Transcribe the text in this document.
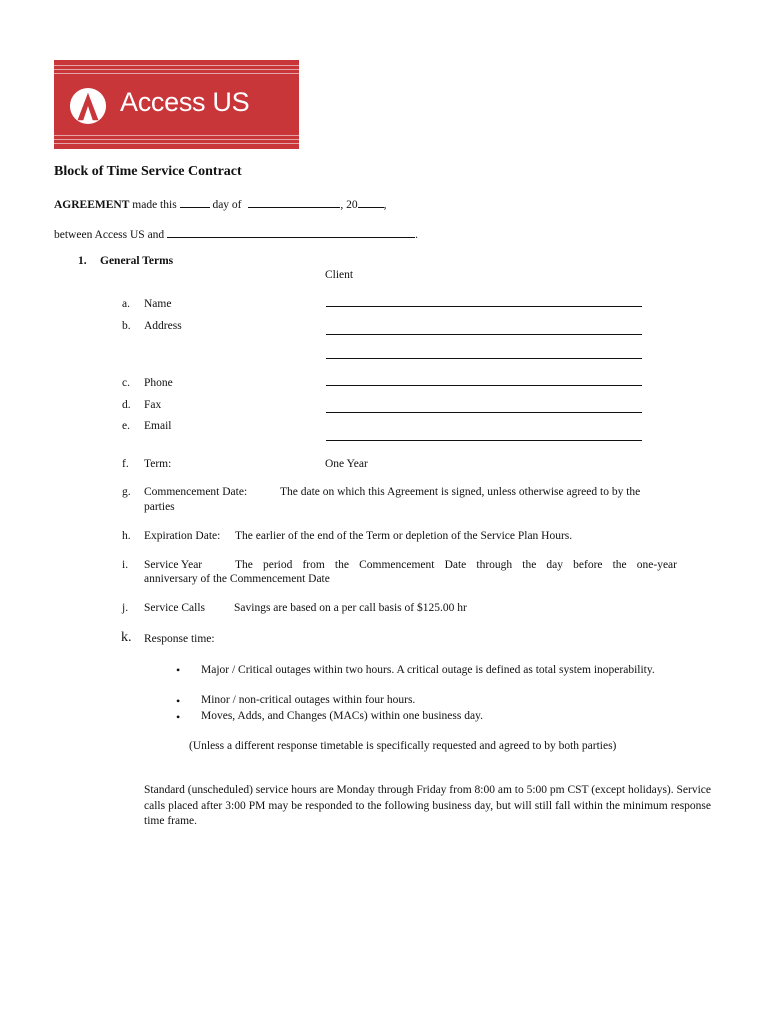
Access US
Block of Time Service Contract
AGREEMENT made this	day of	, 20 ,
between Access US and	.
1. General Terms
Client
a. Name
b. Address
c. Phone
d. Fax
e. Email
f. Term:	One Year
g. Commencement Date:	The date on which this Agreement is signed, unless otherwise agreed to by the
parties
h. Expiration Date: The earlier of the end of the Term or depletion of the Service Plan Hours.
i. Service Year	The period from the Commencement Date through the day before the one-year
anniversary of the Commencement Date
j. Service Calls	Savings are based on a per call basis of $125.00 hr
k. Response time:
• Major / Critical outages within two hours. A critical outage is defined as total system inoperability.
• Minor / non-critical outages within four hours.
• Moves, Adds, and Changes (MACs) within one business day.
(Unless a different response timetable is specifically requested and agreed to by both parties)
Standard (unscheduled) service hours are Monday through Friday from 8:00 am to 5:00 pm CST (except holidays). Service calls placed after 3:00 PM may be responded to the following business day, but will still fall within the minimum response time frame.
